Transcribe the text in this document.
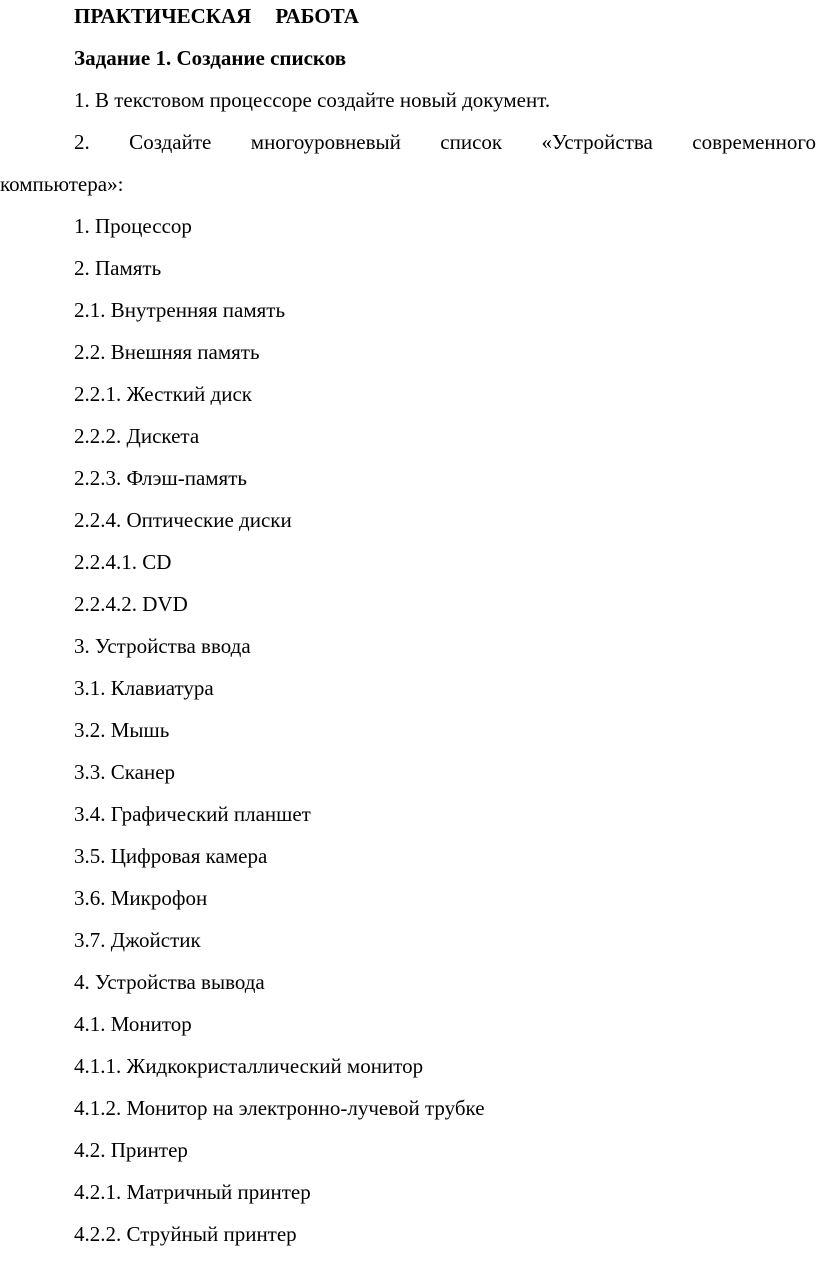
ПРАКТИЧЕСКАЯ РАБОТА
Задание 1. Создание списков
1. В текстовом процессоре создайте новый документ.
2. Создайте многоуровневый список «Устройства современного
компьютера»:
1. Процессор
2. Память
2.1. Внутренняя память
2.2. Внешняя память
2.2.1. Жесткий диск
2.2.2. Дискета
2.2.3. Флэш-память
2.2.4. Оптические диски
2.2.4.1. CD
2.2.4.2. DVD
3. Устройства ввода
3.1. Клавиатура
3.2. Мышь
3.3. Сканер
3.4. Графический планшет
3.5. Цифровая камера
3.6. Микрофон
3.7. Джойстик
4. Устройства вывода
4.1. Монитор
4.1.1. Жидкокристаллический монитор
4.1.2. Монитор на электронно-лучевой трубке
4.2. Принтер
4.2.1. Матричный принтер
4.2.2. Струйный принтер
